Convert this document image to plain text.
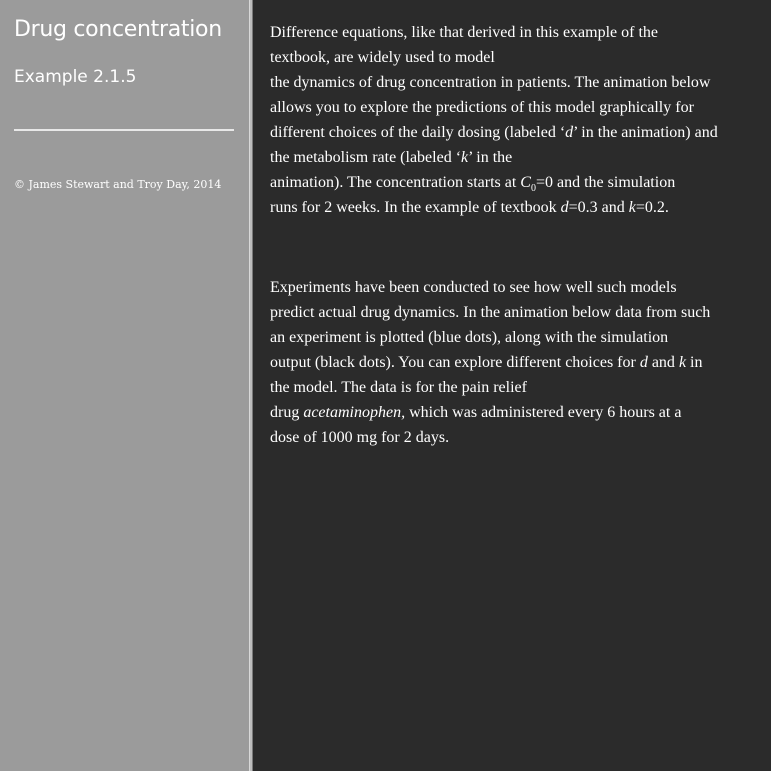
Drug concentration
Example 2.1.5

© James Stewart and Troy Day, 2014

Difference equations, like that derived in this example of the
textbook, are widely used to model
the dynamics of drug concentration in patients. The animation below
allows you to explore the predictions of this model graphically for
different choices of the daily dosing (labeled ‘d’ in the animation) and
the metabolism rate (labeled ‘k’ in the
animation). The concentration starts at $C_0=0$ and the simulation
runs for 2 weeks. In the example of textbook d=0.3 and k=0.2.

Experiments have been conducted to see how well such models
predict actual drug dynamics. In the animation below data from such
an experiment is plotted (blue dots), along with the simulation
output (black dots). You can explore different choices for d and k in
the model. The data is for the pain relief
drug acetaminophen, which was administered every 6 hours at a
dose of 1000 mg for 2 days.
